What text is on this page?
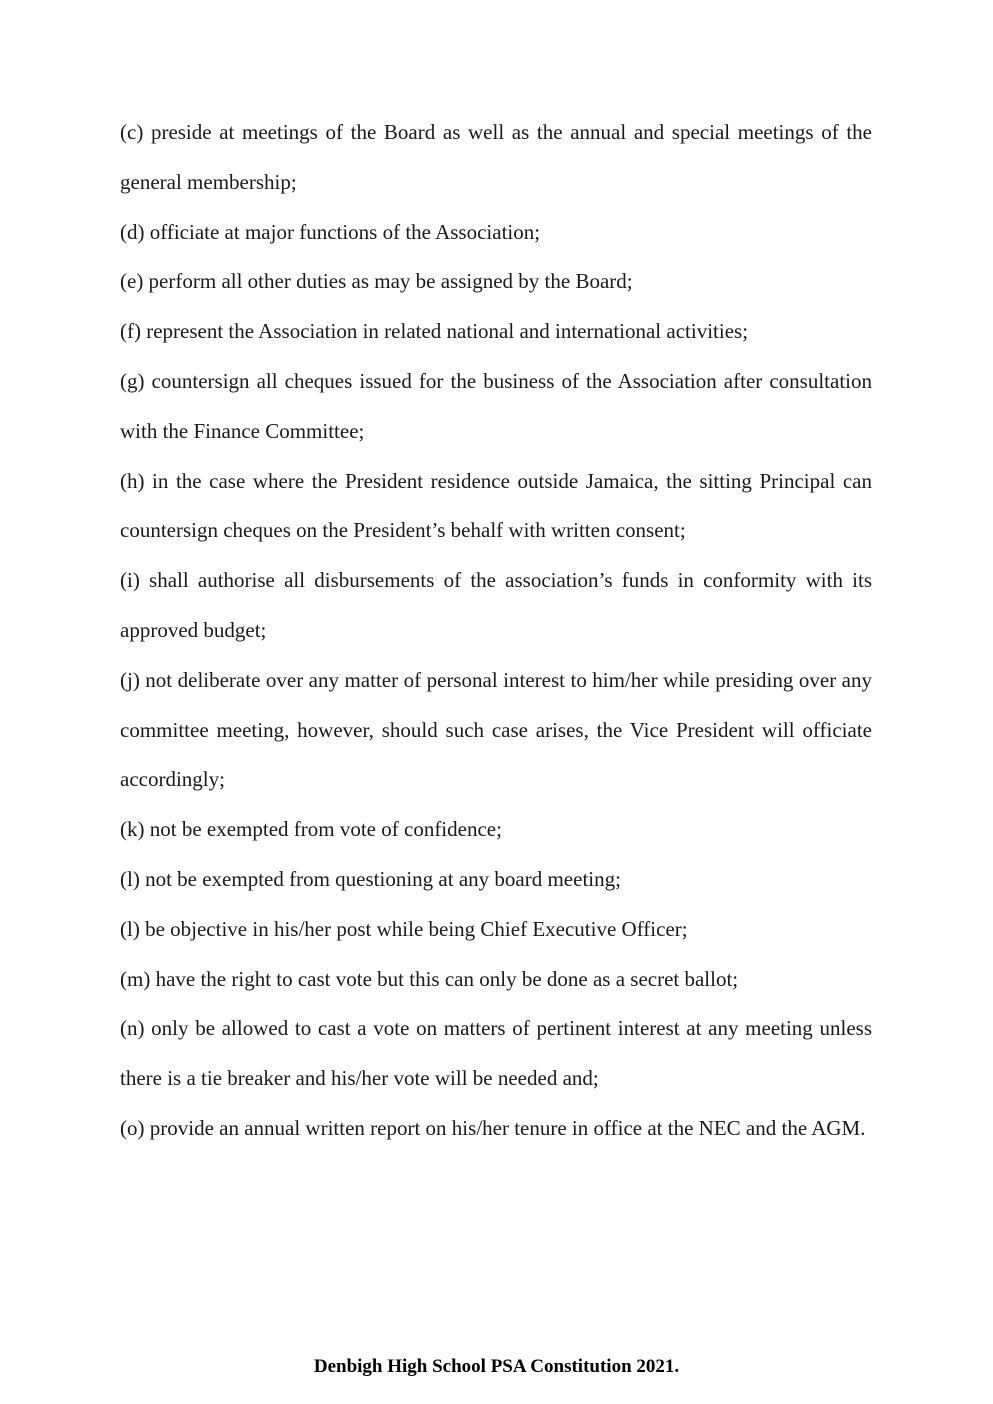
(c) preside at meetings of the Board as well as the annual and special meetings of the general membership;

(d) officiate at major functions of the Association;

(e) perform all other duties as may be assigned by the Board;

(f) represent the Association in related national and international activities;

(g) countersign all cheques issued for the business of the Association after consultation with the Finance Committee;

(h) in the case where the President residence outside Jamaica, the sitting Principal can countersign cheques on the President’s behalf with written consent;

(i) shall authorise all disbursements of the association’s funds in conformity with its approved budget;

(j) not deliberate over any matter of personal interest to him/her while presiding over any committee meeting, however, should such case arises, the Vice President will officiate accordingly;

(k) not be exempted from vote of confidence;

(l) not be exempted from questioning at any board meeting;

(l) be objective in his/her post while being Chief Executive Officer;

(m) have the right to cast vote but this can only be done as a secret ballot;

(n) only be allowed to cast a vote on matters of pertinent interest at any meeting unless there is a tie breaker and his/her vote will be needed and;

(o) provide an annual written report on his/her tenure in office at the NEC and the AGM.

Denbigh High School PSA Constitution 2021.
